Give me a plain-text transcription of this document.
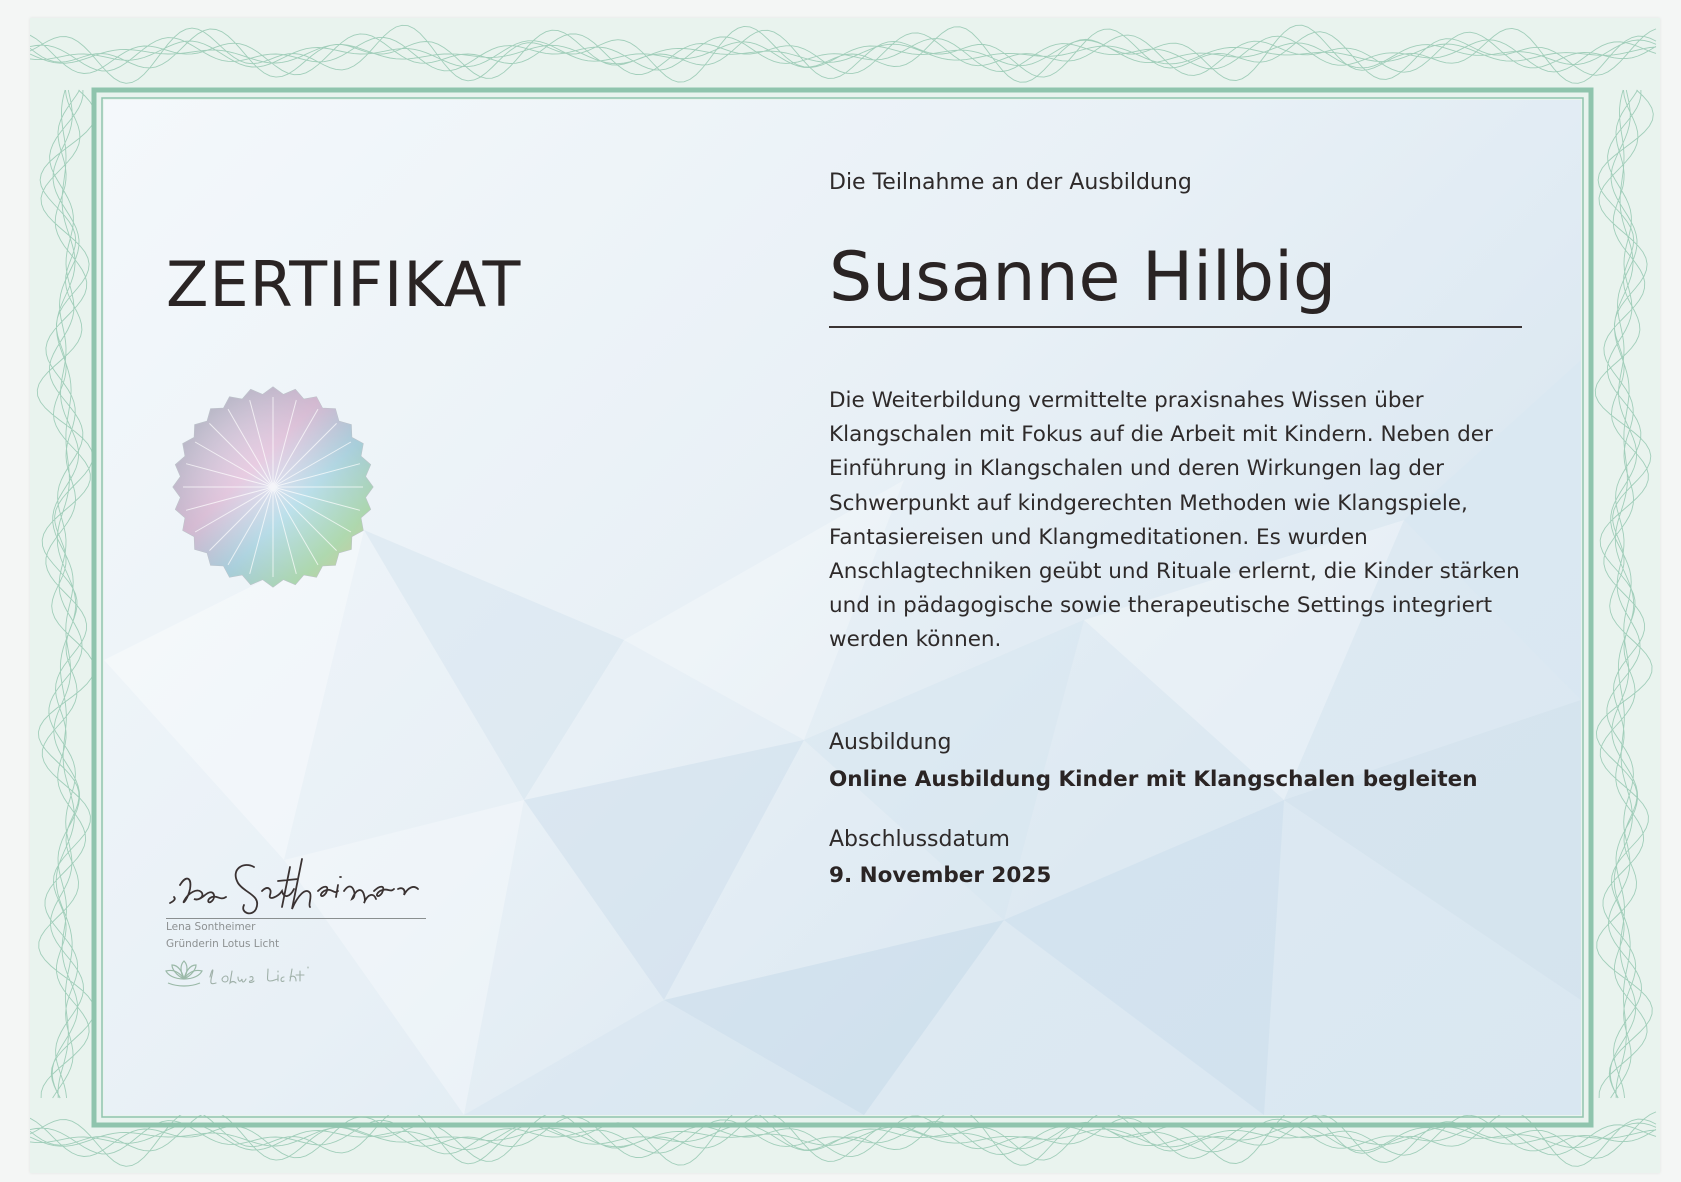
Die Teilnahme an der Ausbildung
ZERTIFIKAT	Susanne Hilbig
Die Weiterbildung vermittelte praxisnahes Wissen über Klangschalen mit Fokus auf die Arbeit mit Kindern. Neben der Einführung in Klangschalen und deren Wirkungen lag der Schwerpunkt auf kindgerechten Methoden wie Klangspiele, Fantasiereisen und Klangmeditationen. Es wurden Anschlagtechniken geübt und Rituale erlernt, die Kinder stärken und in pädagogische sowie therapeutische Settings integriert werden können.
Ausbildung
Online Ausbildung Kinder mit Klangschalen begleiten
Abschlussdatum
9. November 2025
Lena Sontheimer
Gründerin Lotus Licht
